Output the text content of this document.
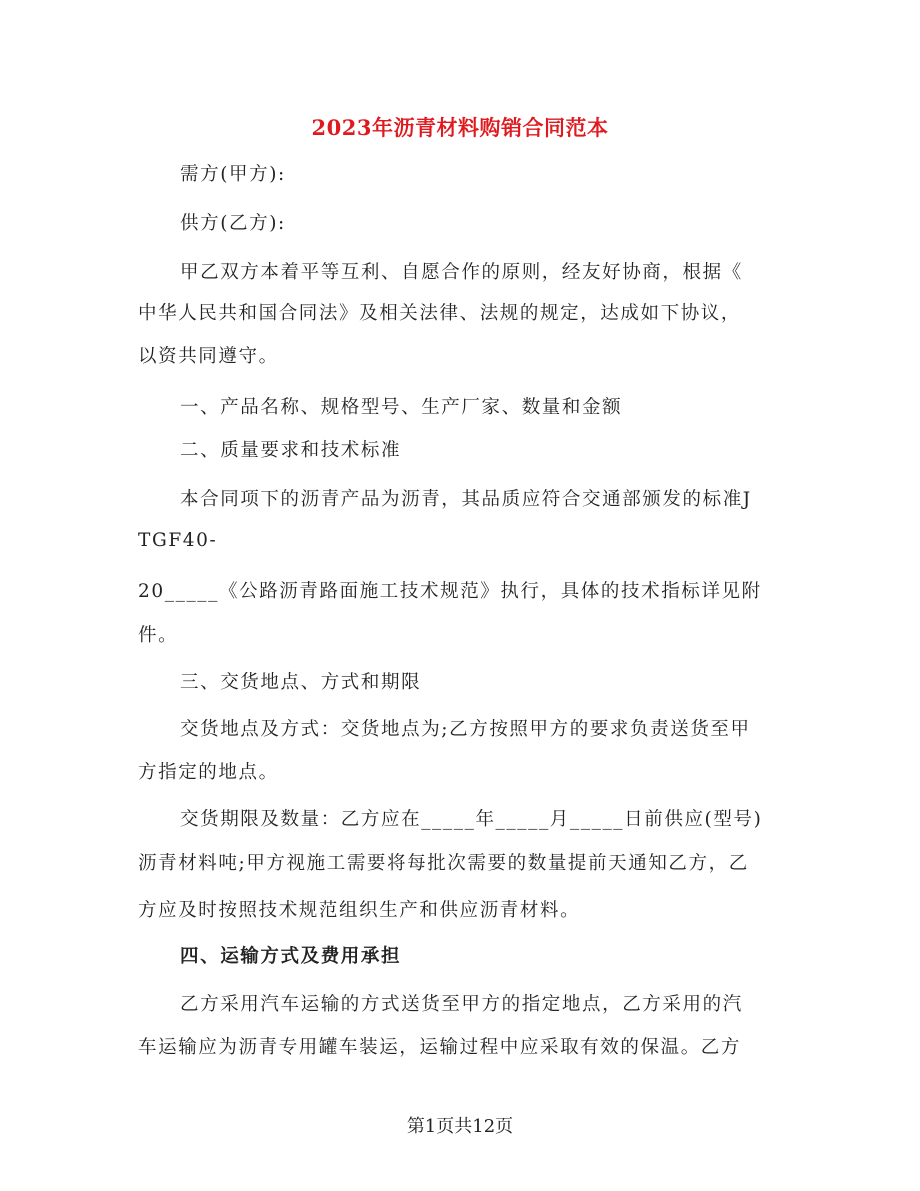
2023年沥青材料购销合同范本
需方(甲方):
供方(乙方):
甲乙双方本着平等互利、自愿合作的原则，经友好协商，根据《
中华人民共和国合同法》及相关法律、法规的规定，达成如下协议，
以资共同遵守。
一、产品名称、规格型号、生产厂家、数量和金额
二、质量要求和技术标准
本合同项下的沥青产品为沥青，其品质应符合交通部颁发的标准J
TGF40-
20_____《公路沥青路面施工技术规范》执行，具体的技术指标详见附
件。
三、交货地点、方式和期限
交货地点及方式：交货地点为;乙方按照甲方的要求负责送货至甲
方指定的地点。
交货期限及数量：乙方应在_____年_____月_____日前供应(型号)
沥青材料吨;甲方视施工需要将每批次需要的数量提前天通知乙方，乙
方应及时按照技术规范组织生产和供应沥青材料。
四、运输方式及费用承担
乙方采用汽车运输的方式送货至甲方的指定地点，乙方采用的汽
车运输应为沥青专用罐车装运，运输过程中应采取有效的保温。乙方
第1页共12页
